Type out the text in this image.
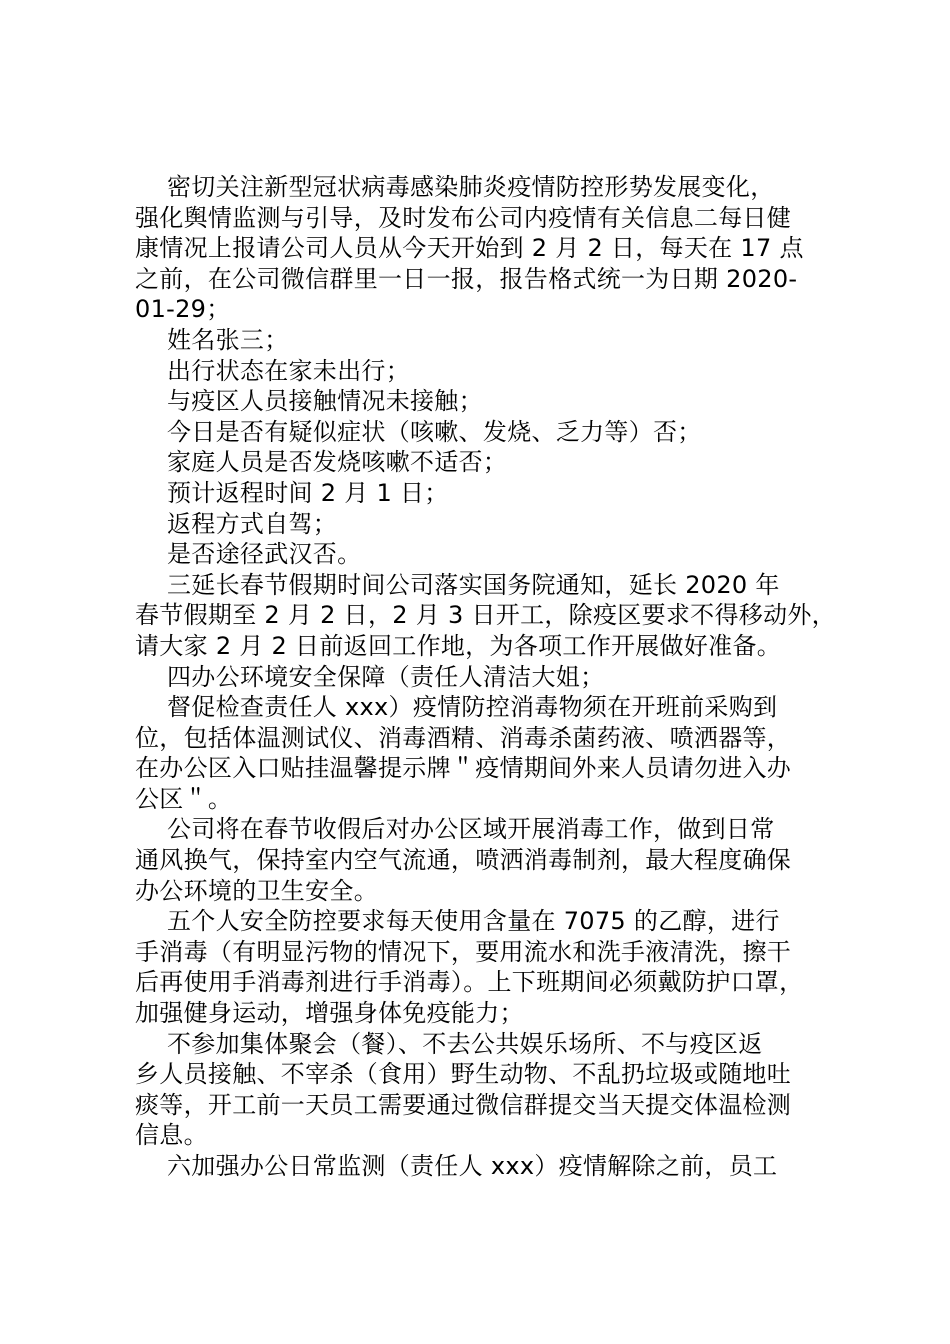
密切关注新型冠状病毒感染肺炎疫情防控形势发展变化，
强化舆情监测与引导，及时发布公司内疫情有关信息二每日健
康情况上报请公司人员从今天开始到 2 月 2 日，每天在 17 点
之前，在公司微信群里一日一报，报告格式统一为日期 2020-
01-29；
姓名张三；
出行状态在家未出行；
与疫区人员接触情况未接触；
今日是否有疑似症状（咳嗽、发烧、乏力等）否；
家庭人员是否发烧咳嗽不适否；
预计返程时间 2 月 1 日；
返程方式自驾；
是否途径武汉否。
三延长春节假期时间公司落实国务院通知，延长 2020 年
春节假期至 2 月 2 日，2 月 3 日开工，除疫区要求不得移动外，
请大家 2 月 2 日前返回工作地，为各项工作开展做好准备。
四办公环境安全保障（责任人清洁大姐；
督促检查责任人 xxx）疫情防控消毒物须在开班前采购到
位，包括体温测试仪、消毒酒精、消毒杀菌药液、喷洒器等，
在办公区入口贴挂温馨提示牌＂疫情期间外来人员请勿进入办
公区＂。
公司将在春节收假后对办公区域开展消毒工作，做到日常
通风换气，保持室内空气流通，喷洒消毒制剂，最大程度确保
办公环境的卫生安全。
五个人安全防控要求每天使用含量在 7075 的乙醇，进行
手消毒（有明显污物的情况下，要用流水和洗手液清洗，擦干
后再使用手消毒剂进行手消毒）。上下班期间必须戴防护口罩，
加强健身运动，增强身体免疫能力；
不参加集体聚会（餐）、不去公共娱乐场所、不与疫区返
乡人员接触、不宰杀（食用）野生动物、不乱扔垃圾或随地吐
痰等，开工前一天员工需要通过微信群提交当天提交体温检测
信息。
六加强办公日常监测（责任人 xxx）疫情解除之前，员工
